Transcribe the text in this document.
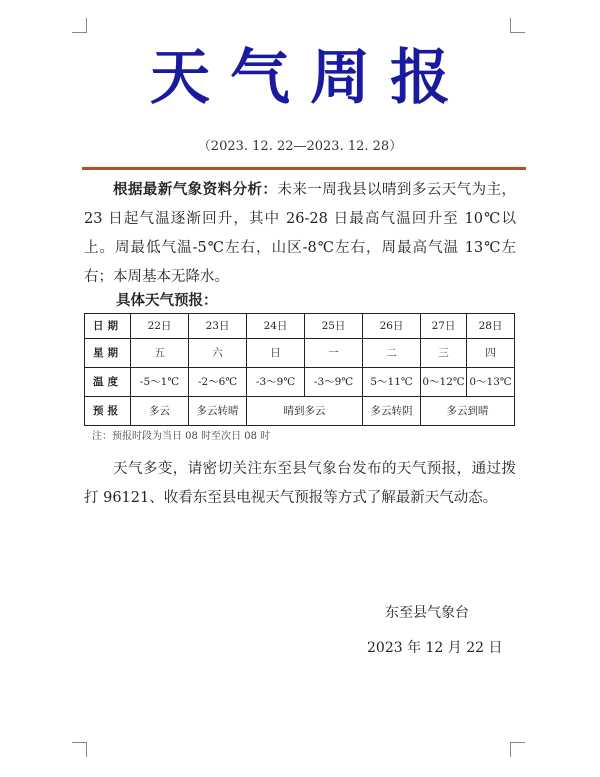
天气周报
（2023. 12. 22—2023. 12. 28）

根据最新气象资料分析：未来一周我县以晴到多云天气为主，23 日起气温逐渐回升，其中 26-28 日最高气温回升至 10℃以上。周最低气温-5℃左右，山区-8℃左右，周最高气温 13℃左右；本周基本无降水。

具体天气预报：
日期	22日	23日	24日	25日	26日	27日	28日
星期	五	六	日	一	二	三	四
温度	-5～1℃	-2～6℃	-3～9℃	-3～9℃	5～11℃	0～12℃	0～13℃
预报	多云	多云转晴	晴到多云		多云转阴	多云到晴	
注：预报时段为当日 08 时至次日 08 时

天气多变，请密切关注东至县气象台发布的天气预报，通过拨打 96121、收看东至县电视天气预报等方式了解最新天气动态。

东至县气象台
2023 年 12 月 22 日
